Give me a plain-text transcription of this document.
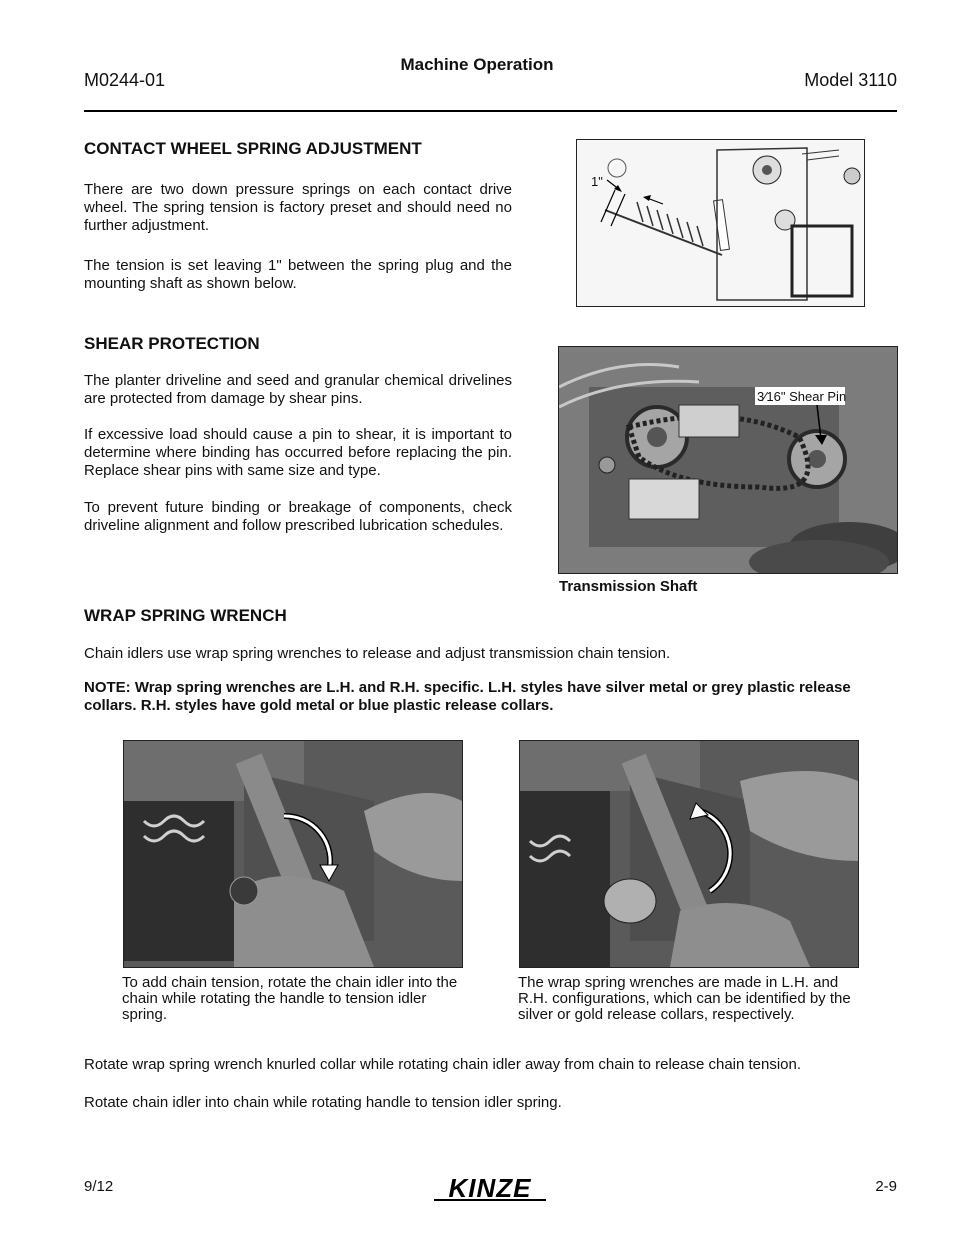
Machine Operation
M0244-01	Model 3110
CONTACT WHEEL SPRING ADJUSTMENT

There are two down pressure springs on each contact drive wheel. The spring tension is factory preset and should need no further adjustment.

The tension is set leaving 1" between the spring plug and the mounting shaft as shown below.

1"
SHEAR PROTECTION

The planter driveline and seed and granular chemical drivelines are protected from damage by shear pins.

If excessive load should cause a pin to shear, it is important to determine where binding has occurred before replacing the pin. Replace shear pins with same size and type.

To prevent future binding or breakage of components, check driveline alignment and follow prescribed lubrication schedules.

3⁄16" Shear Pin
Transmission Shaft
WRAP SPRING WRENCH

Chain idlers use wrap spring wrenches to release and adjust transmission chain tension.

NOTE: Wrap spring wrenches are L.H. and R.H. specific. L.H. styles have silver metal or grey plastic release collars. R.H. styles have gold metal or blue plastic release collars.

To add chain tension, rotate the chain idler into the chain while rotating the handle to tension idler spring.

The wrap spring wrenches are made in L.H. and R.H. configurations, which can be identified by the silver or gold release collars, respectively.

Rotate wrap spring wrench knurled collar while rotating chain idler away from chain to release chain tension.

Rotate chain idler into chain while rotating handle to tension idler spring.

9/12	KINZE	2-9
